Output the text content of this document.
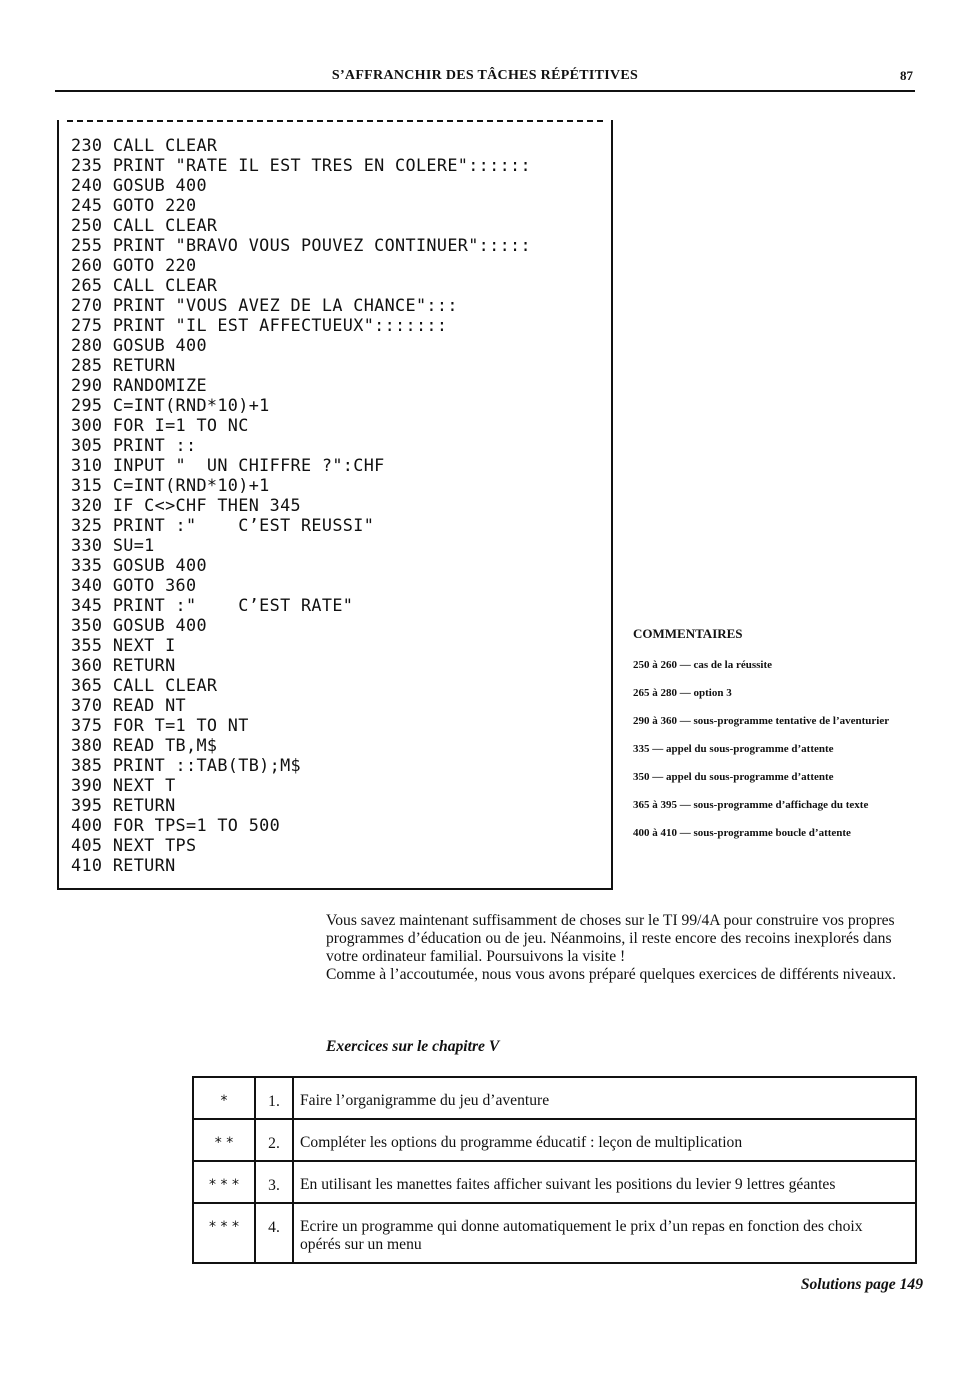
S’AFFRANCHIR DES TÂCHES RÉPÉTITIVES	87
230 CALL CLEAR
235 PRINT "RATE IL EST TRES EN COLERE"::::::
240 GOSUB 400
245 GOTO 220
250 CALL CLEAR
255 PRINT "BRAVO VOUS POUVEZ CONTINUER":::::
260 GOTO 220
265 CALL CLEAR
270 PRINT "VOUS AVEZ DE LA CHANCE":::
275 PRINT "IL EST AFFECTUEUX":::::::
280 GOSUB 400
285 RETURN
290 RANDOMIZE
295 C=INT(RND*10)+1
300 FOR I=1 TO NC
305 PRINT ::
310 INPUT "  UN CHIFFRE ?":CHF
315 C=INT(RND*10)+1
320 IF C<>CHF THEN 345
325 PRINT :"    C’EST REUSSI"
330 SU=1
335 GOSUB 400
340 GOTO 360
345 PRINT :"    C’EST RATE"
350 GOSUB 400
355 NEXT I
360 RETURN
365 CALL CLEAR
370 READ NT
375 FOR T=1 TO NT
380 READ TB,M$
385 PRINT ::TAB(TB);M$
390 NEXT T
395 RETURN
400 FOR TPS=1 TO 500
405 NEXT TPS
410 RETURN
COMMENTAIRES
250 à 260 — cas de la réussite
265 à 280 — option 3
290 à 360 — sous-programme tentative de l’aventurier
335 — appel du sous-programme d’attente
350 — appel du sous-programme d’attente
365 à 395 — sous-programme d’affichage du texte
400 à 410 — sous-programme boucle d’attente
Vous savez maintenant suffisamment de choses sur le TI 99/4A pour construire vos propres programmes d’éducation ou de jeu. Néanmoins, il reste encore des recoins inexplorés dans votre ordinateur familial. Poursuivons la visite !
Comme à l’accoutumée, nous vous avons préparé quelques exercices de différents niveaux.
Exercices sur le chapitre V
*	1.	Faire l’organigramme du jeu d’aventure
* *	2.	Compléter les options du programme éducatif : leçon de multiplication
* * *	3.	En utilisant les manettes faites afficher suivant les positions du levier 9 lettres géantes
* * *	4.	Ecrire un programme qui donne automatiquement le prix d’un repas en fonction des choix opérés sur un menu
Solutions page 149
